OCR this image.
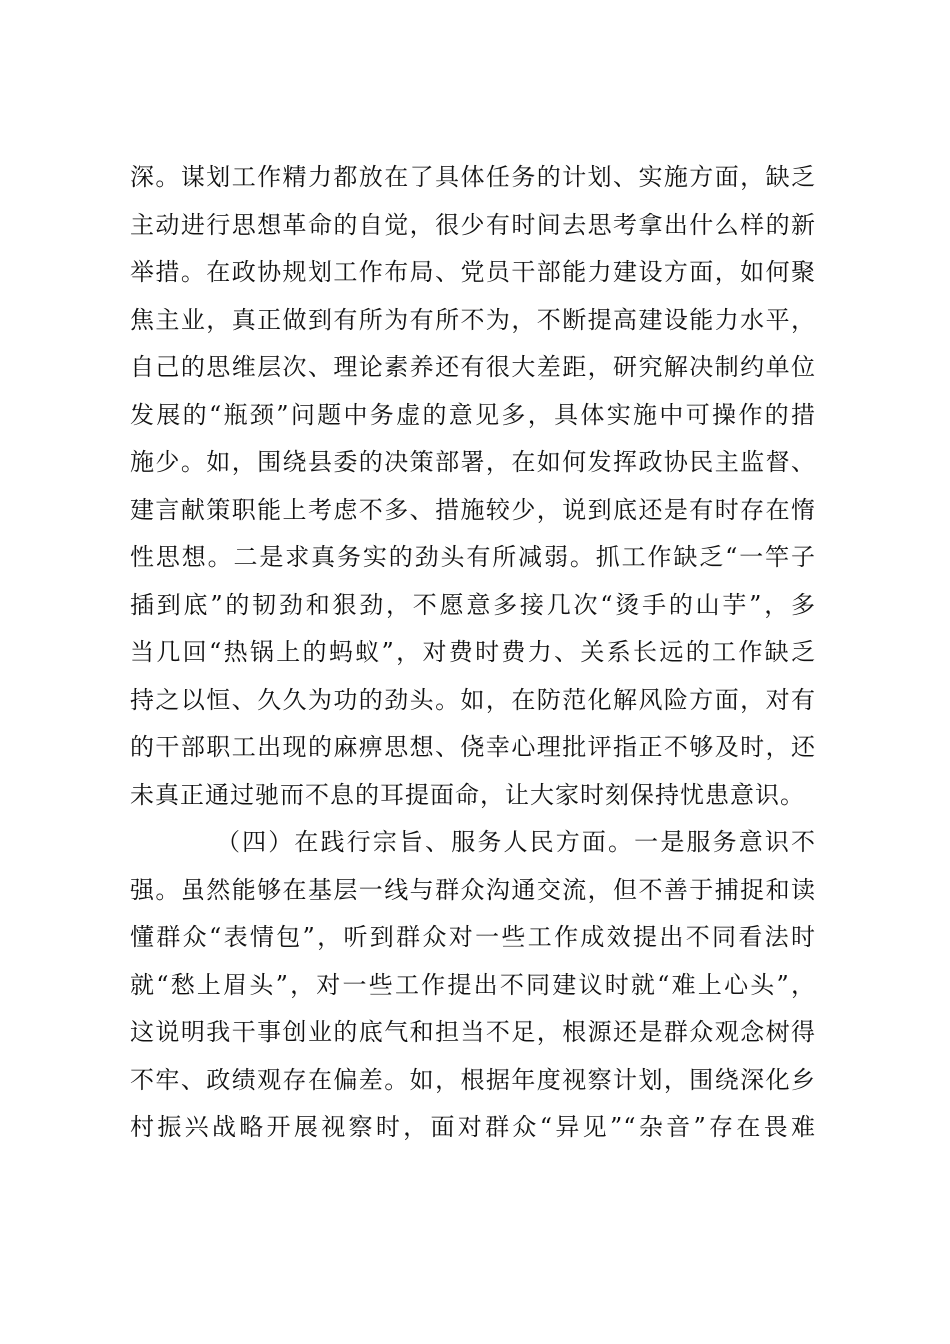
深。谋划工作精力都放在了具体任务的计划、实施方面，缺乏
主动进行思想革命的自觉，很少有时间去思考拿出什么样的新
举措。在政协规划工作布局、党员干部能力建设方面，如何聚
焦主业，真正做到有所为有所不为，不断提高建设能力水平，
自己的思维层次、理论素养还有很大差距，研究解决制约单位
发展的“瓶颈”问题中务虚的意见多，具体实施中可操作的措
施少。如，围绕县委的决策部署，在如何发挥政协民主监督、
建言献策职能上考虑不多、措施较少，说到底还是有时存在惰
性思想。二是求真务实的劲头有所减弱。抓工作缺乏“一竿子
插到底”的韧劲和狠劲，不愿意多接几次“烫手的山芋”，多
当几回“热锅上的蚂蚁”，对费时费力、关系长远的工作缺乏
持之以恒、久久为功的劲头。如，在防范化解风险方面，对有
的干部职工出现的麻痹思想、侥幸心理批评指正不够及时，还
未真正通过驰而不息的耳提面命，让大家时刻保持忧患意识。
（四）在践行宗旨、服务人民方面。一是服务意识不
强。虽然能够在基层一线与群众沟通交流，但不善于捕捉和读
懂群众“表情包”，听到群众对一些工作成效提出不同看法时
就“愁上眉头”，对一些工作提出不同建议时就“难上心头”，
这说明我干事创业的底气和担当不足，根源还是群众观念树得
不牢、政绩观存在偏差。如，根据年度视察计划，围绕深化乡
村振兴战略开展视察时，面对群众“异见”“杂音”存在畏难
